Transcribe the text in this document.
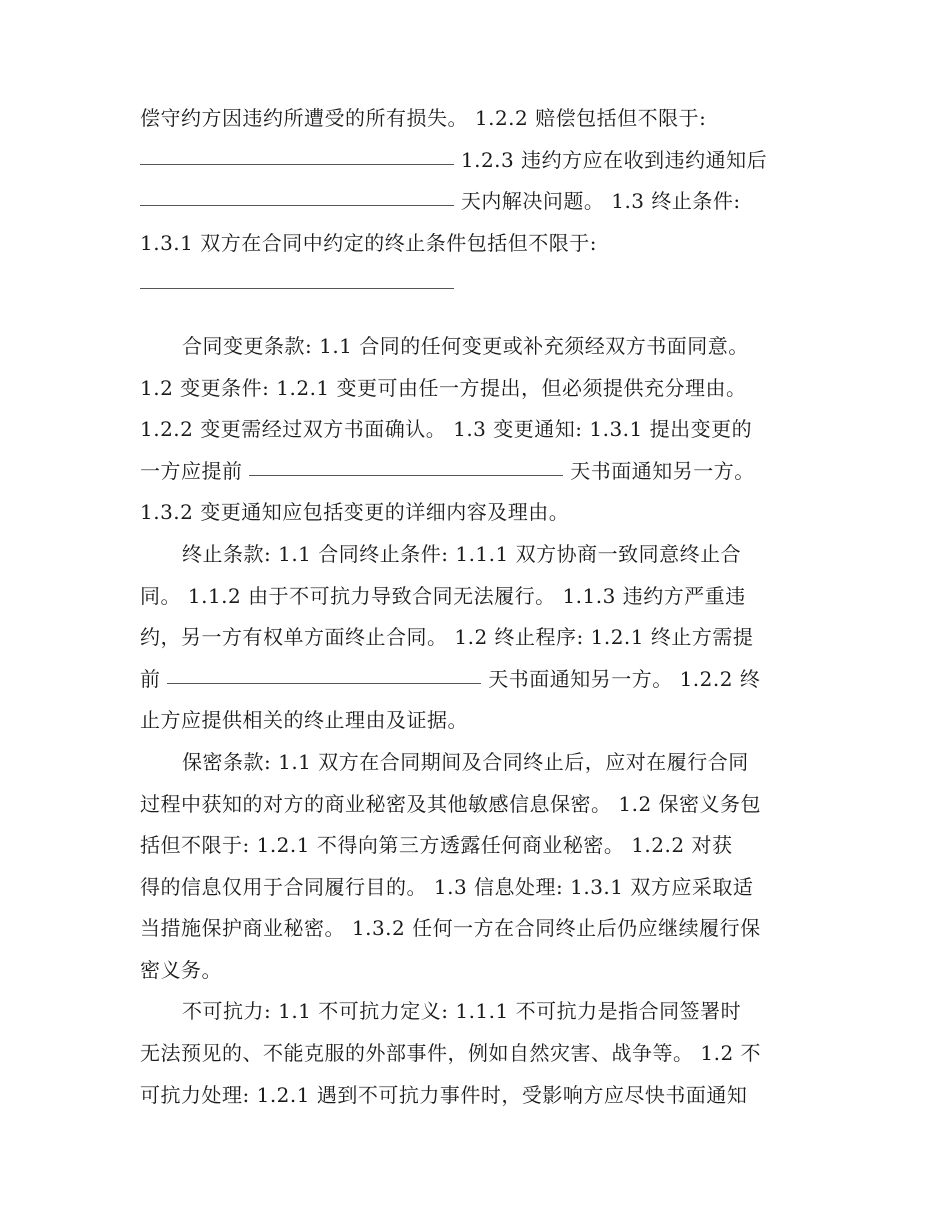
偿守约方因违约所遭受的所有损失。 1.2.2 赔偿包括但不限于:
1.2.3 违约方应在收到违约通知后
天内解决问题。 1.3 终止条件:
1.3.1 双方在合同中约定的终止条件包括但不限于:
合同变更条款: 1.1 合同的任何变更或补充须经双方书面同意。
1.2 变更条件: 1.2.1 变更可由任一方提出，但必须提供充分理由。
1.2.2 变更需经过双方书面确认。 1.3 变更通知: 1.3.1 提出变更的
一方应提前	天书面通知另一方。
1.3.2 变更通知应包括变更的详细内容及理由。
终止条款: 1.1 合同终止条件: 1.1.1 双方协商一致同意终止合
同。 1.1.2 由于不可抗力导致合同无法履行。 1.1.3 违约方严重违
约，另一方有权单方面终止合同。 1.2 终止程序: 1.2.1 终止方需提
前	天书面通知另一方。 1.2.2 终
止方应提供相关的终止理由及证据。
保密条款: 1.1 双方在合同期间及合同终止后，应对在履行合同
过程中获知的对方的商业秘密及其他敏感信息保密。 1.2 保密义务包
括但不限于: 1.2.1 不得向第三方透露任何商业秘密。 1.2.2 对获
得的信息仅用于合同履行目的。 1.3 信息处理: 1.3.1 双方应采取适
当措施保护商业秘密。 1.3.2 任何一方在合同终止后仍应继续履行保
密义务。
不可抗力: 1.1 不可抗力定义: 1.1.1 不可抗力是指合同签署时
无法预见的、不能克服的外部事件，例如自然灾害、战争等。 1.2 不
可抗力处理: 1.2.1 遇到不可抗力事件时，受影响方应尽快书面通知
